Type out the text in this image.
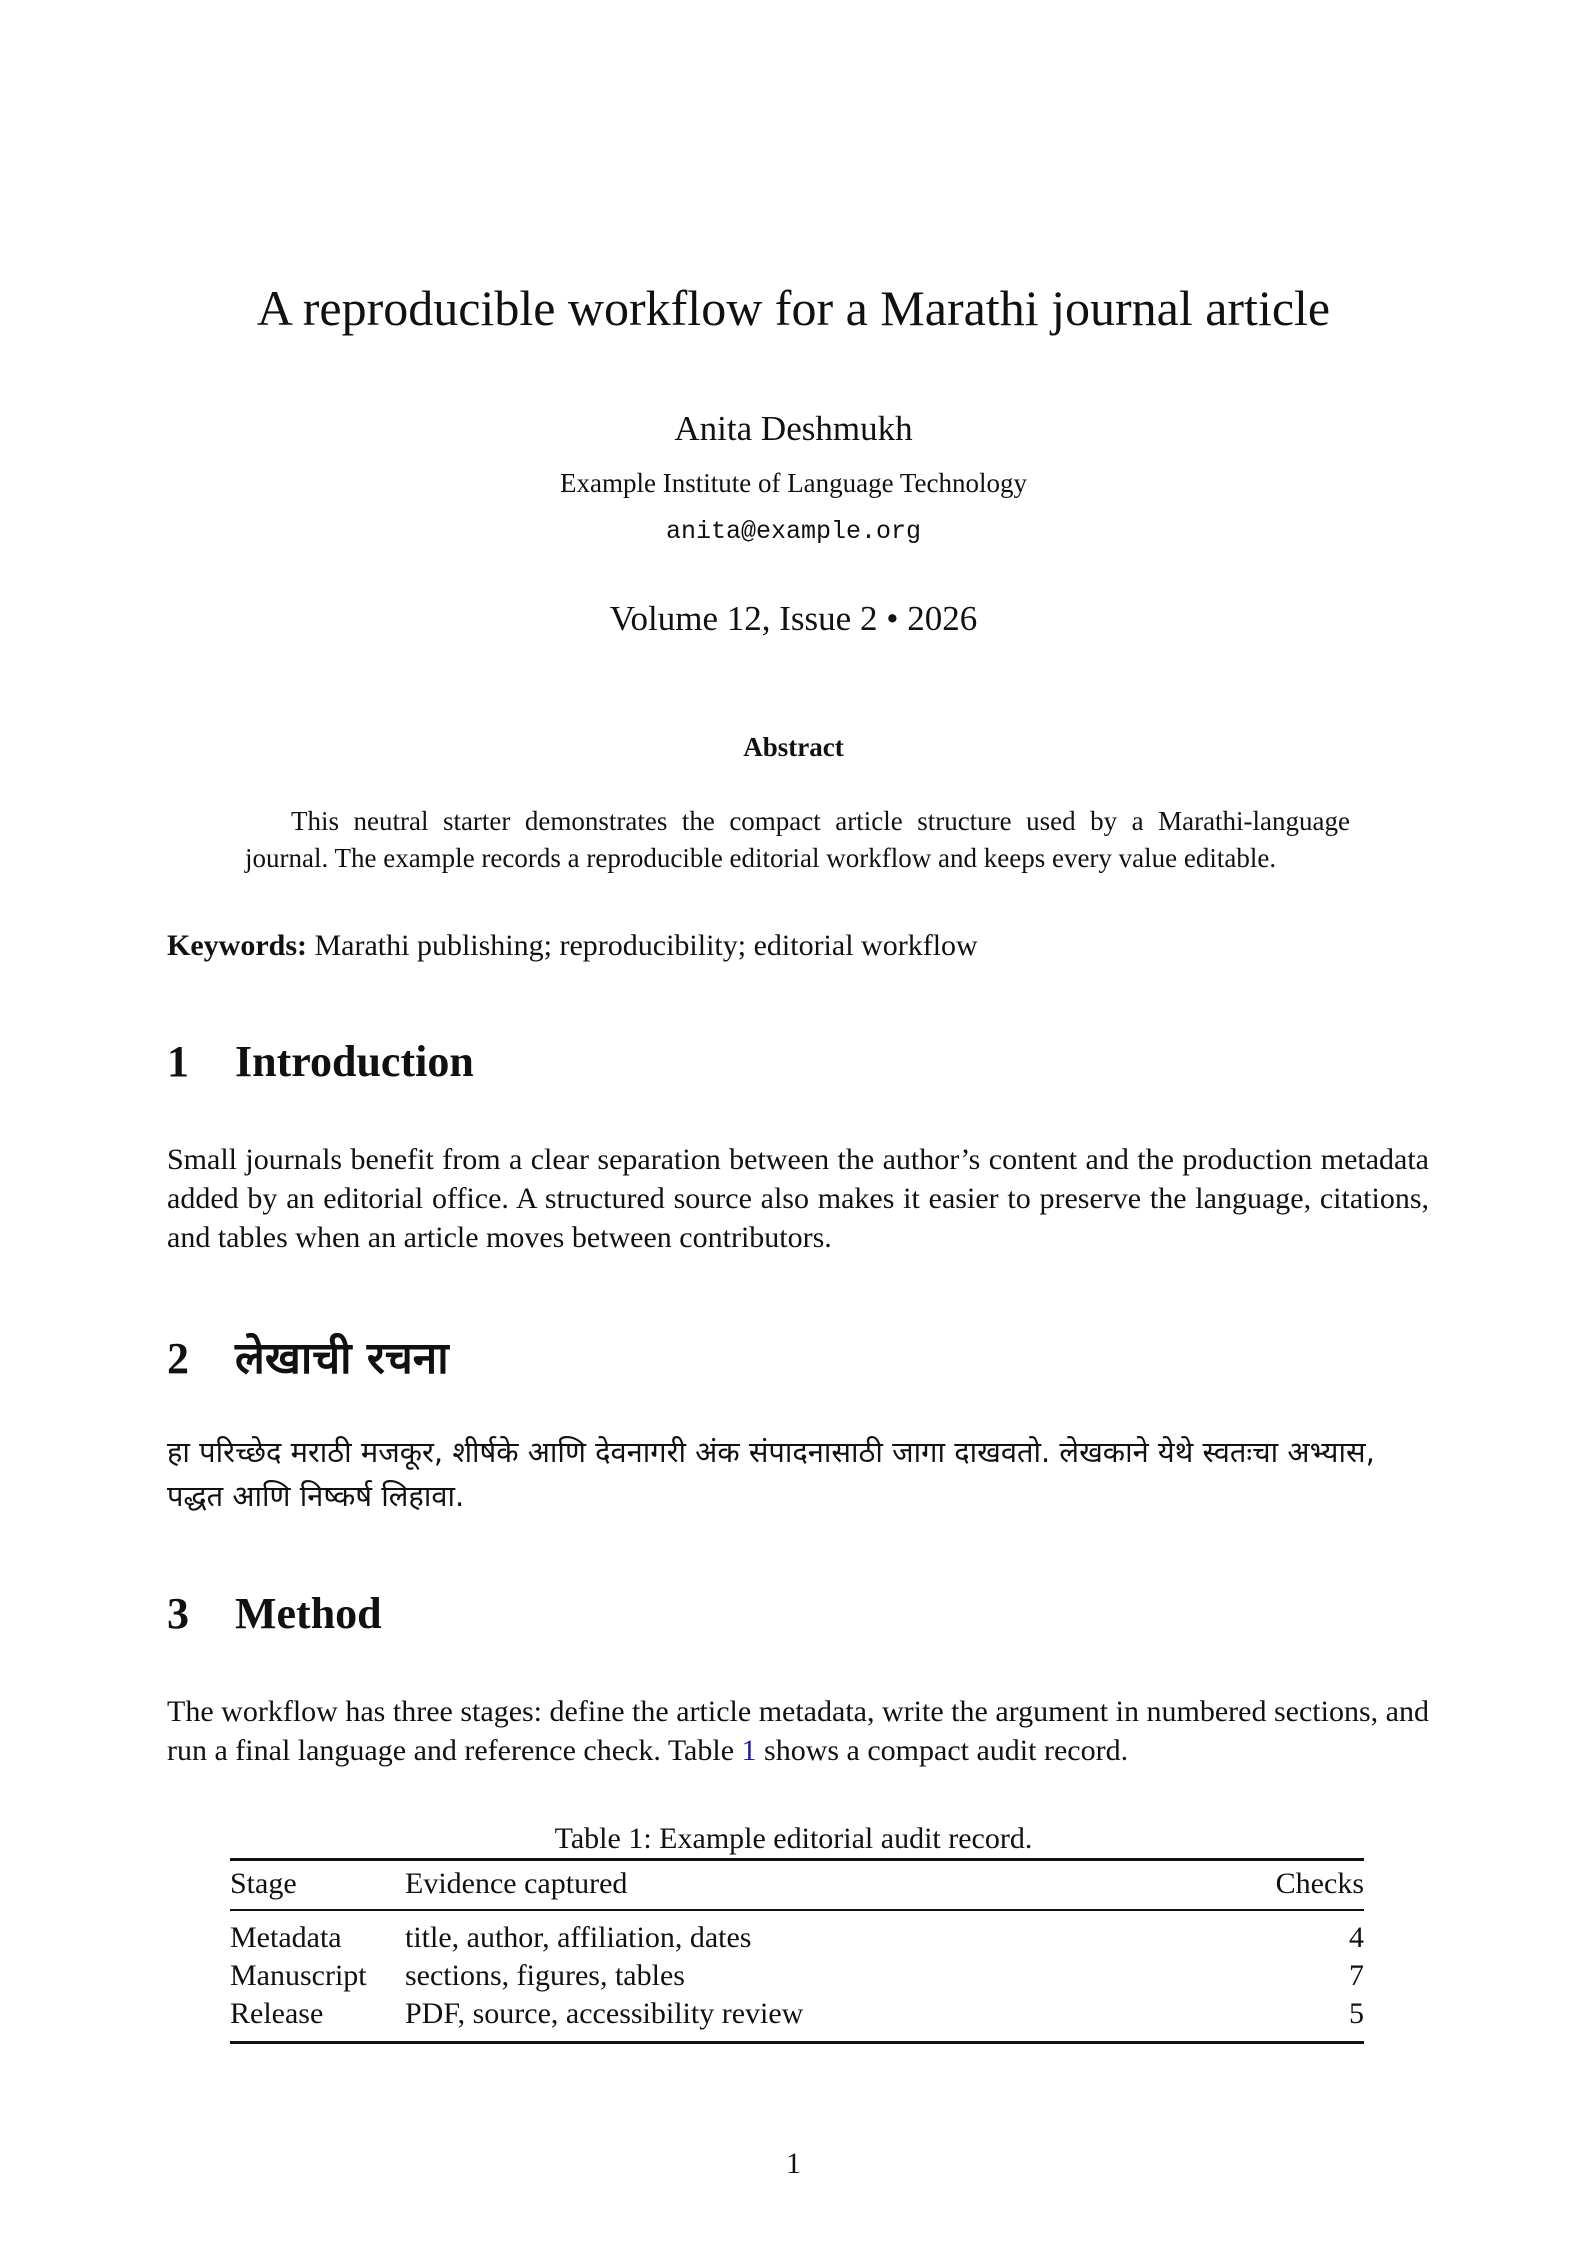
A reproducible workflow for a Marathi journal article
Anita Deshmukh
Example Institute of Language Technology
anita@example.org
Volume 12, Issue 2 • 2026
Abstract
This neutral starter demonstrates the compact article structure used by a Marathi-language journal. The example records a reproducible editorial workflow and keeps every value editable.
Keywords: Marathi publishing; reproducibility; editorial workflow
1 Introduction
Small journals benefit from a clear separation between the author’s content and the production metadata added by an editorial office. A structured source also makes it easier to preserve the language, citations, and tables when an article moves between contributors.
2 लेखाची रचना
हा परिच्छेद मराठी मजकूर, शीर्षके आणि देवनागरी अंक संपादनासाठी जागा दाखवतो. लेखकाने येथे स्वतःचा अभ्यास, पद्धत आणि निष्कर्ष लिहावा.
3 Method
The workflow has three stages: define the article metadata, write the argument in numbered sections, and run a final language and reference check. Table 1 shows a compact audit record.
Table 1: Example editorial audit record.
Stage	Evidence captured	Checks
Metadata	title, author, affiliation, dates	4
Manuscript	sections, figures, tables	7
Release	PDF, source, accessibility review	5
1
